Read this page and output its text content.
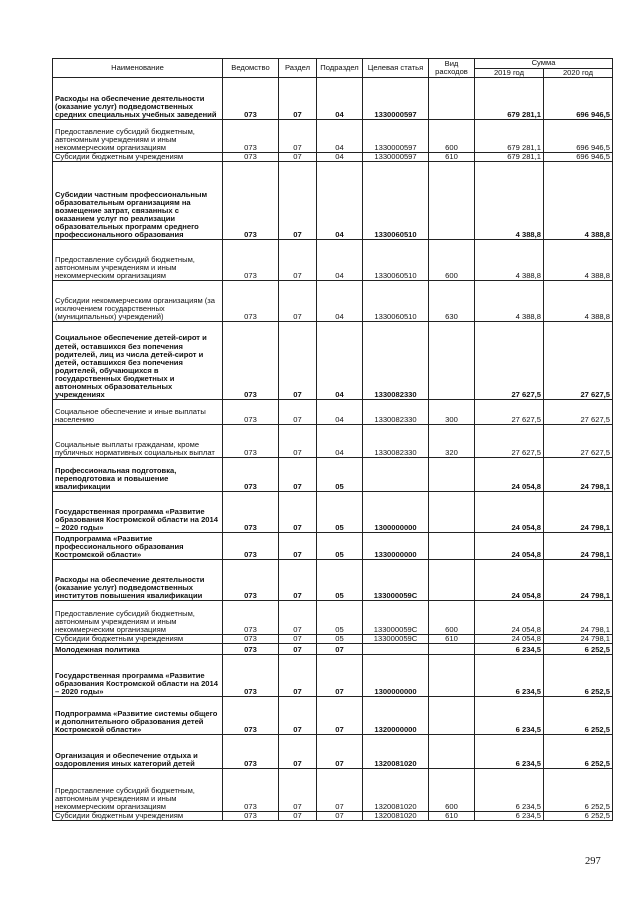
Наименование	Ведомство	Раздел	Подраздел	Целевая статья	Вид расходов	Сумма	
						2019 год	2020 год
Расходы на обеспечение деятельности (оказание услуг) подведомственных средних специальных учебных заведений	073	07	04	1330000597		679 281,1	696 946,5
Предоставление субсидий бюджетным, автономным учреждениям и иным некоммерческим организациям	073	07	04	1330000597	600	679 281,1	696 946,5
Субсидии бюджетным учреждениям	073	07	04	1330000597	610	679 281,1	696 946,5
Субсидии частным профессиональным образовательным организациям на возмещение затрат, связанных с оказанием услуг по реализации образовательных программ среднего профессионального образования	073	07	04	1330060510		4 388,8	4 388,8
Предоставление субсидий бюджетным, автономным учреждениям и иным некоммерческим организациям	073	07	04	1330060510	600	4 388,8	4 388,8
Субсидии некоммерческим организациям (за исключением государственных (муниципальных) учреждений)	073	07	04	1330060510	630	4 388,8	4 388,8
Социальное обеспечение детей-сирот и детей, оставшихся без попечения родителей, лиц из числа детей-сирот и детей, оставшихся без попечения родителей, обучающихся в государственных бюджетных и автономных образовательных учреждениях	073	07	04	1330082330		27 627,5	27 627,5
Социальное обеспечение и иные выплаты населению	073	07	04	1330082330	300	27 627,5	27 627,5
Социальные выплаты гражданам, кроме публичных нормативных социальных выплат	073	07	04	1330082330	320	27 627,5	27 627,5
Профессиональная подготовка, переподготовка и повышение квалификации	073	07	05			24 054,8	24 798,1
Государственная программа «Развитие образования Костромской области на 2014 – 2020 годы»	073	07	05	1300000000		24 054,8	24 798,1
Подпрограмма «Развитие профессионального образования Костромской области»	073	07	05	1330000000		24 054,8	24 798,1
Расходы на обеспечение деятельности (оказание услуг) подведомственных институтов повышения квалификации	073	07	05	133000059С		24 054,8	24 798,1
Предоставление субсидий бюджетным, автономным учреждениям и иным некоммерческим организациям	073	07	05	133000059С	600	24 054,8	24 798,1
Субсидии бюджетным учреждениям	073	07	05	133000059С	610	24 054,8	24 798,1
Молодежная политика	073	07	07			6 234,5	6 252,5
Государственная программа «Развитие образования Костромской области на 2014 – 2020 годы»	073	07	07	1300000000		6 234,5	6 252,5
Подпрограмма «Развитие системы общего и дополнительного образования детей Костромской области»	073	07	07	1320000000		6 234,5	6 252,5
Организация и обеспечение отдыха и оздоровления иных категорий детей	073	07	07	1320081020		6 234,5	6 252,5
Предоставление субсидий бюджетным, автономным учреждениям и иным некоммерческим организациям	073	07	07	1320081020	600	6 234,5	6 252,5
Субсидии бюджетным учреждениям	073	07	07	1320081020	610	6 234,5	6 252,5
297
